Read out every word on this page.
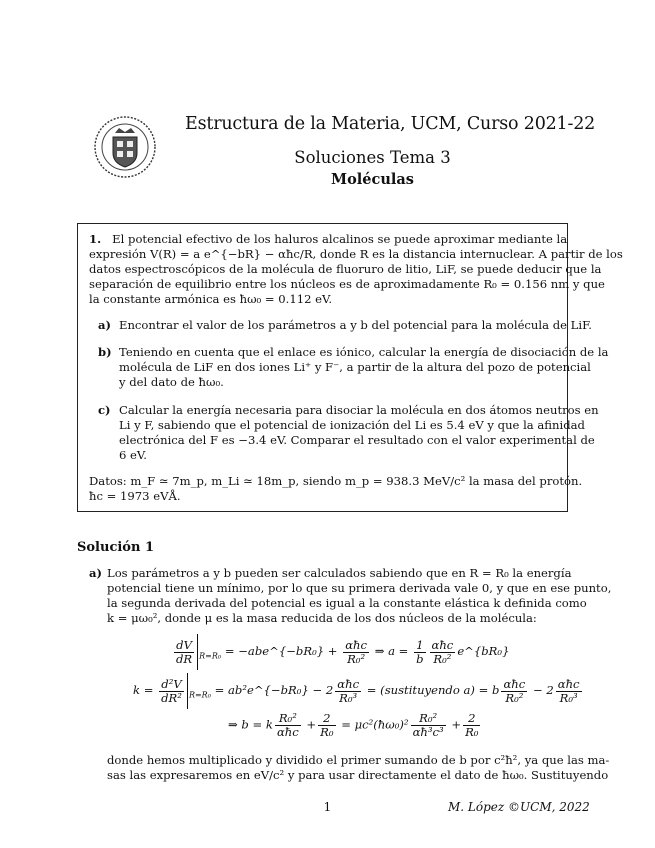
Estructura de la Materia, UCM, Curso 2021-22
Soluciones Tema 3
Moléculas
1. El potencial efectivo de los haluros alcalinos se puede aproximar mediante la
expresión V(R) = a e^{−bR} − αħc/R, donde R es la distancia internuclear. A partir de los
datos espectroscópicos de la molécula de fluoruro de litio, LiF, se puede deducir que la
separación de equilibrio entre los núcleos es de aproximadamente R₀ = 0.156 nm y que
la constante armónica es ħω₀ = 0.112 eV.
a) Encontrar el valor de los parámetros a y b del potencial para la molécula de LiF.
b) Teniendo en cuenta que el enlace es iónico, calcular la energía de disociación de la
molécula de LiF en dos iones Li⁺ y F⁻, a partir de la altura del pozo de potencial
y del dato de ħω₀.
c) Calcular la energía necesaria para disociar la molécula en dos átomos neutros en
Li y F, sabiendo que el potencial de ionización del Li es 5.4 eV y que la afinidad
electrónica del F es −3.4 eV. Comparar el resultado con el valor experimental de
6 eV.
Datos: m_F ≃ 7m_p, m_Li ≃ 18m_p, siendo m_p = 938.3 MeV/c² la masa del protón.
ħc = 1973 eVÅ.
Solución 1
a) Los parámetros a y b pueden ser calculados sabiendo que en R = R₀ la energía
potencial tiene un mínimo, por lo que su primera derivada vale 0, y que en ese punto,
la segunda derivada del potencial es igual a la constante elástica k definida como
k = μω₀², donde μ es la masa reducida de los dos núcleos de la molécula:
$\frac{dV}{dR} _{R=R_0}$ = −abe^{−bR₀} + $\frac{\text{αħc}}{\text{R₀²}}$ ⇒ $a = \frac{1}{b} \frac{\text{αħc}}{\text{R₀²}}$ e^{bR₀}
$k = \frac{\text{d²V}}{\text{dR²}} _{R=R_0}$ = ab²e^{−bR₀} − $2 \frac{\text{αħc}}{\text{R₀³}}$ = (sustituyendo a) = b $\frac{\text{αħc}}{\text{R₀²}} - 2 \frac{\text{αħc}}{\text{R₀³}}$
⇒ b = k $\frac{\text{R₀²}}{\text{αħc}} + \frac{2}{\text{R₀}}$ = μc²(ħω₀)² $\frac{\text{R₀²}}{\text{αħ³c³}} + \frac{2}{\text{R₀}}$
donde hemos multiplicado y dividido el primer sumando de b por c²ħ², ya que las ma-
sas las expresaremos en eV/c² y para usar directamente el dato de ħω₀. Sustituyendo
1	M. López ©UCM, 2022
